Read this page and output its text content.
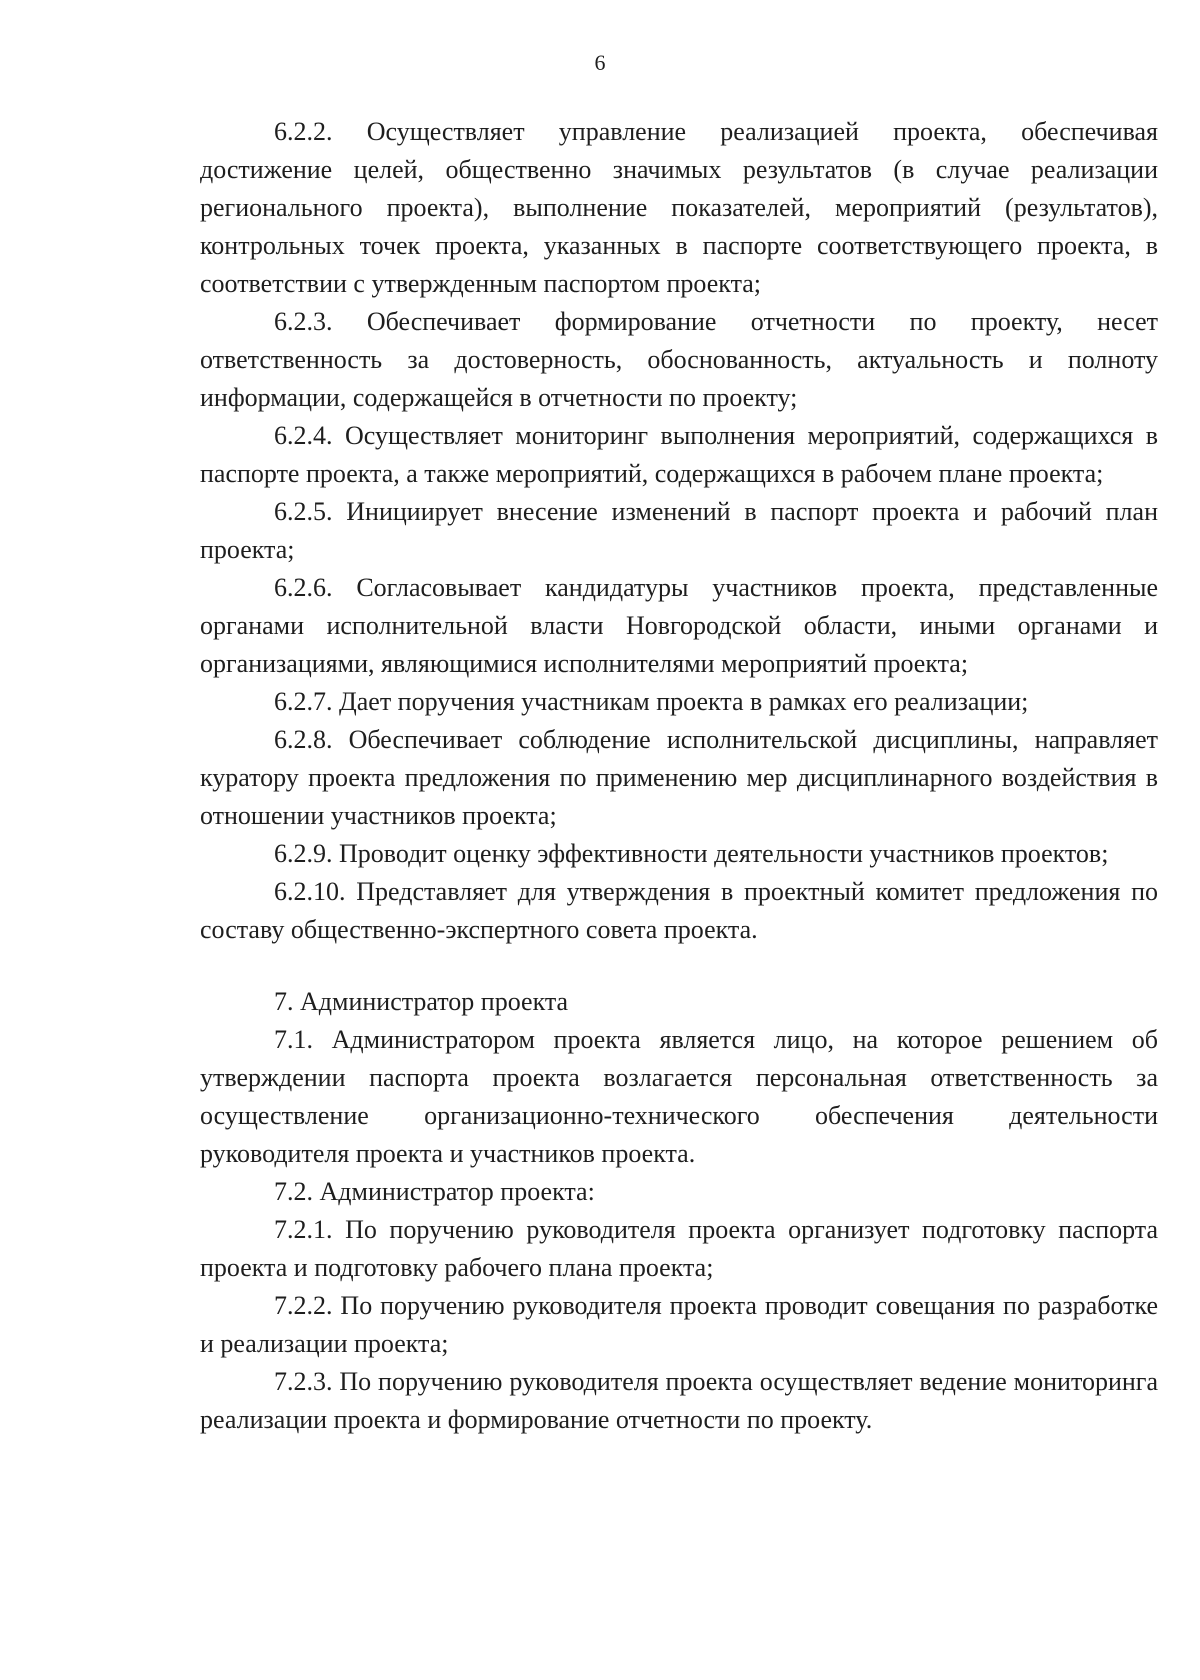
6

6.2.2. Осуществляет управление реализацией проекта, обеспечивая достижение целей, общественно значимых результатов (в случае реализации регионального проекта), выполнение показателей, мероприятий (результатов), контрольных точек проекта, указанных в паспорте соответствующего проекта, в соответствии с утвержденным паспортом проекта;

6.2.3. Обеспечивает формирование отчетности по проекту, несет ответственность за достоверность, обоснованность, актуальность и полноту информации, содержащейся в отчетности по проекту;

6.2.4. Осуществляет мониторинг выполнения мероприятий, содержащихся в паспорте проекта, а также мероприятий, содержащихся в рабочем плане проекта;

6.2.5. Инициирует внесение изменений в паспорт проекта и рабочий план проекта;

6.2.6. Согласовывает кандидатуры участников проекта, представленные органами исполнительной власти Новгородской области, иными органами и организациями, являющимися исполнителями мероприятий проекта;

6.2.7. Дает поручения участникам проекта в рамках его реализации;

6.2.8. Обеспечивает соблюдение исполнительской дисциплины, направляет куратору проекта предложения по применению мер дисциплинарного воздействия в отношении участников проекта;

6.2.9. Проводит оценку эффективности деятельности участников проектов;

6.2.10. Представляет для утверждения в проектный комитет предложения по составу общественно-экспертного совета проекта.

7. Администратор проекта

7.1. Администратором проекта является лицо, на которое решением об утверждении паспорта проекта возлагается персональная ответственность за осуществление организационно-технического обеспечения деятельности руководителя проекта и участников проекта.

7.2. Администратор проекта:

7.2.1. По поручению руководителя проекта организует подготовку паспорта проекта и подготовку рабочего плана проекта;

7.2.2. По поручению руководителя проекта проводит совещания по разработке и реализации проекта;

7.2.3. По поручению руководителя проекта осуществляет ведение мониторинга реализации проекта и формирование отчетности по проекту.
